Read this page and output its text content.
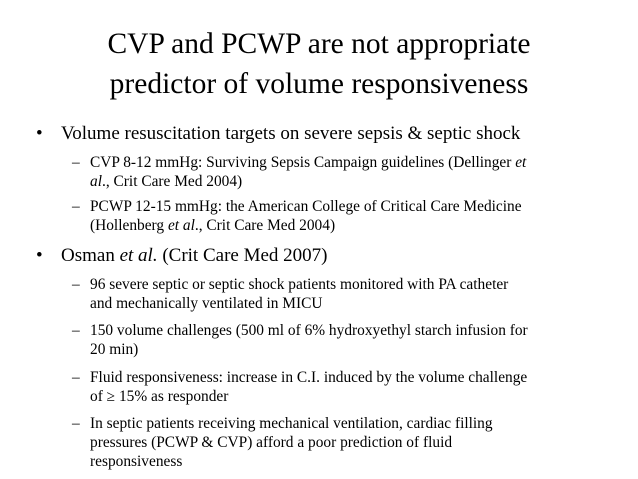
CVP and PCWP are not appropriate
predictor of volume responsiveness
• Volume resuscitation targets on severe sepsis & septic shock
– CVP 8-12 mmHg: Surviving Sepsis Campaign guidelines (Dellinger et
al., Crit Care Med 2004)
– PCWP 12-15 mmHg: the American College of Critical Care Medicine
(Hollenberg et al., Crit Care Med 2004)
• Osman et al. (Crit Care Med 2007)
– 96 severe septic or septic shock patients monitored with PA catheter
and mechanically ventilated in MICU
– 150 volume challenges (500 ml of 6% hydroxyethyl starch infusion for
20 min)
– Fluid responsiveness: increase in C.I. induced by the volume challenge
of ≥ 15% as responder
– In septic patients receiving mechanical ventilation, cardiac filling
pressures (PCWP & CVP) afford a poor prediction of fluid
responsiveness
